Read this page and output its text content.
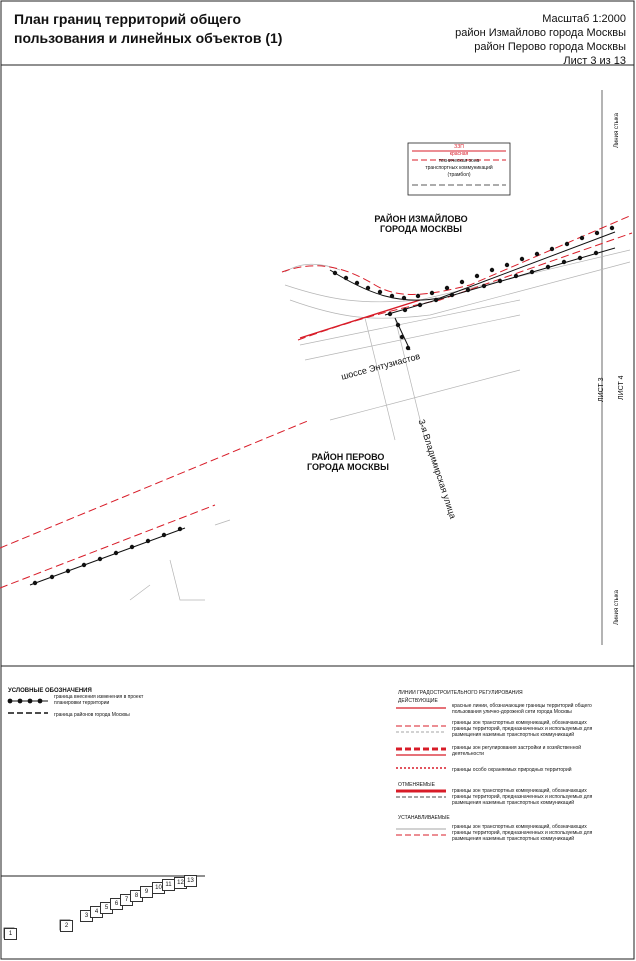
План границ территорий общего
пользования и линейных объектов (1)
Масштаб 1:2000
район Измайлово города Москвы
район Перово города Москвы
Лист 3 из 13
РАЙОН ИЗМАЙЛОВО
ГОРОДА МОСКВЫ
РАЙОН ПЕРОВО
ГОРОДА МОСКВЫ
шоссе Энтузиастов
3-я Владимирская улица
Линия стыка
Линия стыка
ЛИСТ 3 ЛИСТ 4
ЗЗП
красная
техническая зона
транспортных коммуникаций
(трамбол)
УСЛОВНЫЕ ОБОЗНАЧЕНИЯ
граница внесения изменения в проект
планировки территории
граница районов города Москвы
ЛИНИИ ГРАДОСТРОИТЕЛЬНОГО РЕГУЛИРОВАНИЯ
ДЕЙСТВУЮЩИЕ
красные линии, обозначающие границы территорий общего
пользования улично-дорожной сети города Москвы
границы зон транспортных коммуникаций, обозначающих
границы территорий, предназначенных и используемых для
размещения наземных транспортных коммуникаций
границы зон регулирования застройки и хозяйственной
деятельности
границы особо охраняемых природных территорий
ОТМЕНЯЕМЫЕ
границы зон транспортных коммуникаций, обозначающих
границы территорий, предназначенных и используемых для
размещения наземных транспортных коммуникаций
УСТАНАВЛИВАЕМЫЕ
границы зон транспортных коммуникаций, обозначающих
границы территорий, предназначенных и используемых для
размещения наземных транспортных коммуникаций
1
2
3
4
5
6
7
8
9
10 11 12 13
